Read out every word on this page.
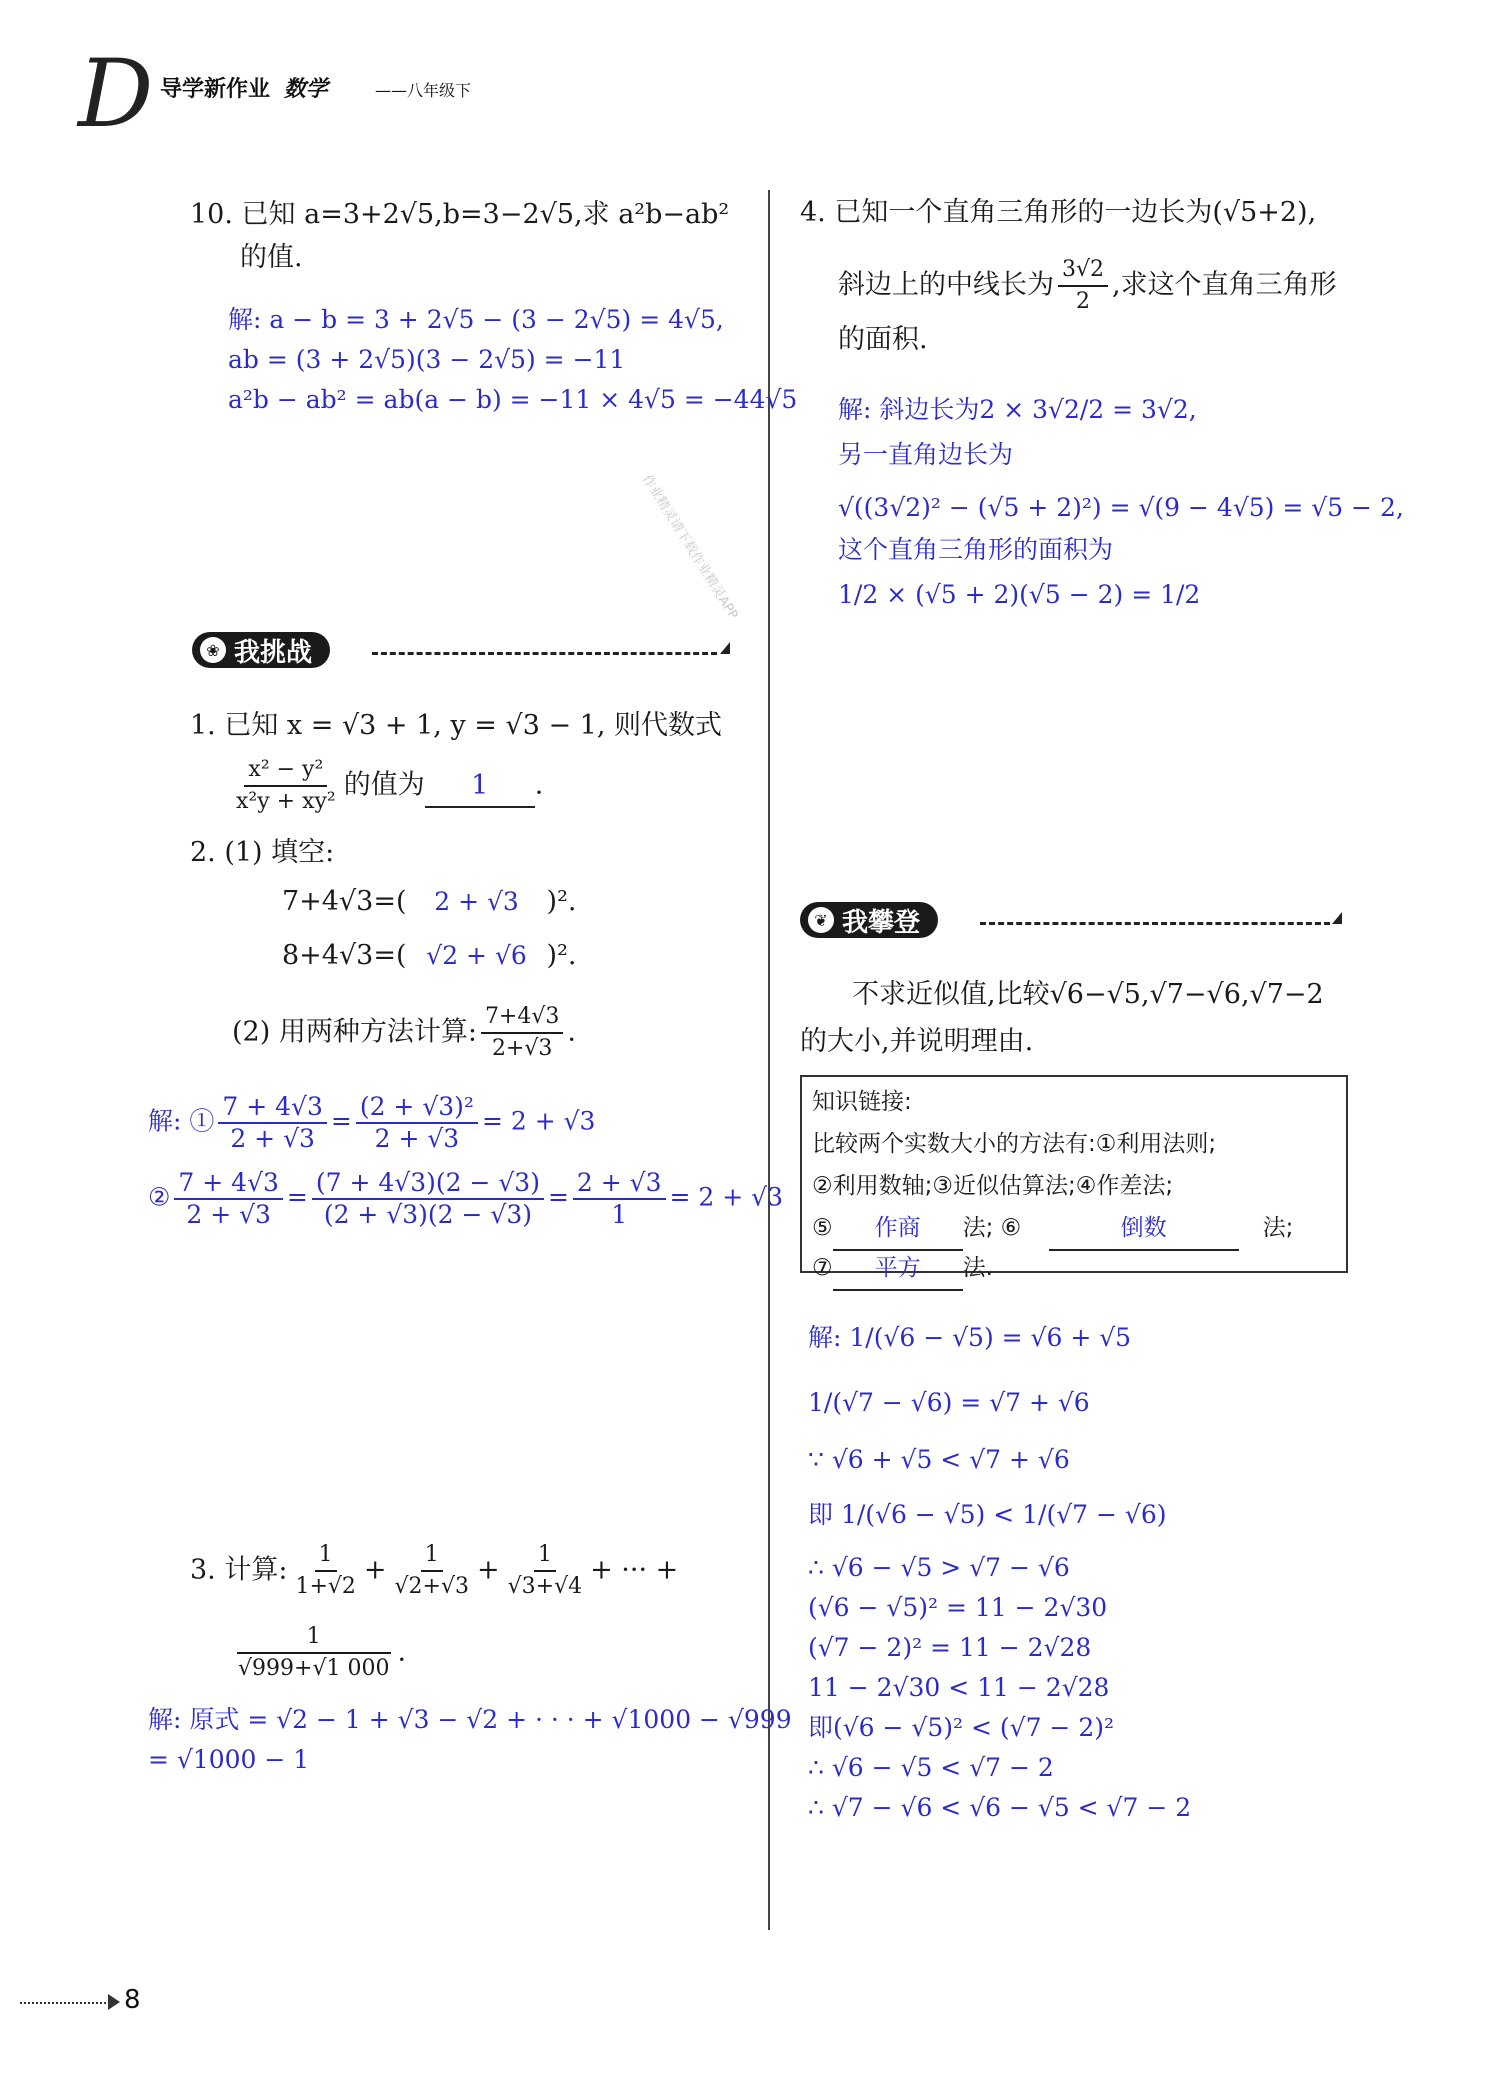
D 导学新作业 数学	——八年级下
作业精灵请下载作业精灵APP
10. 已知 a=3+2√5,b=3−2√5,求 a²b−ab²
的值.
解: a − b = 3 + 2√5 − (3 − 2√5) = 4√5,
ab = (3 + 2√5)(3 − 2√5) = −11
a²b − ab² = ab(a − b) = −11 × 4√5 = −44√5
❀ 我挑战
1. 已知 x = √3 + 1, y = √3 − 1, 则代数式
$\frac{\text{x² − y²}}{\text{x²y + xy²}}$ 的值为 1 .
2. (1) 填空:
7+4√3=( 2 + √3 )².
8+4√3=( √2 + √6 )².
(2) 用两种方法计算: $\frac{7+4√3}{2+√3}$ .
解: ① $\frac{7 + 4√3}{2 + √3} = \frac{\text{(2 + √3)²}}{2 + √3} = 2 + √3$
② $\frac{7 + 4√3}{2 + √3} = \frac{(7 + 4√3)(2 - √3)}{(2 + √3)(2 - √3)} = \frac{2 + √3}{1} = 2 + √3$
3. 计算: $\frac{1}{1+√2} + \frac{1}{√2+√3} + \frac{1}{√3+√4}$ + ··· +
$\frac{1}{√999+√1 000}$ .
解: 原式 = √2 − 1 + √3 − √2 + · · · + √1000 − √999
= √1000 − 1
4. 已知一个直角三角形的一边长为(√5+2),
斜边上的中线长为 $\frac{3√2}{2}$ ,求这个直角三角形
的面积.
解: 斜边长为2 × 3√2/2 = 3√2,
另一直角边长为
√((3√2)² − (√5 + 2)²) = √(9 − 4√5) = √5 − 2,
这个直角三角形的面积为
1/2 × (√5 + 2)(√5 − 2) = 1/2
❦ 我攀登
不求近似值,比较√6−√5,√7−√6,√7−2
的大小,并说明理由.
知识链接:
比较两个实数大小的方法有:①利用法则;
②利用数轴;③近似估算法;④作差法;
⑤ 作商 法; ⑥	倒数	法;
⑦ 平方 法.
解: 1/(√6 − √5) = √6 + √5
1/(√7 − √6) = √7 + √6
∵ √6 + √5 < √7 + √6
即 1/(√6 − √5) < 1/(√7 − √6)
∴ √6 − √5 > √7 − √6
(√6 − √5)² = 11 − 2√30
(√7 − 2)² = 11 − 2√28
11 − 2√30 < 11 − 2√28
即(√6 − √5)² < (√7 − 2)²
∴ √6 − √5 < √7 − 2
∴ √7 − √6 < √6 − √5 < √7 − 2
8
